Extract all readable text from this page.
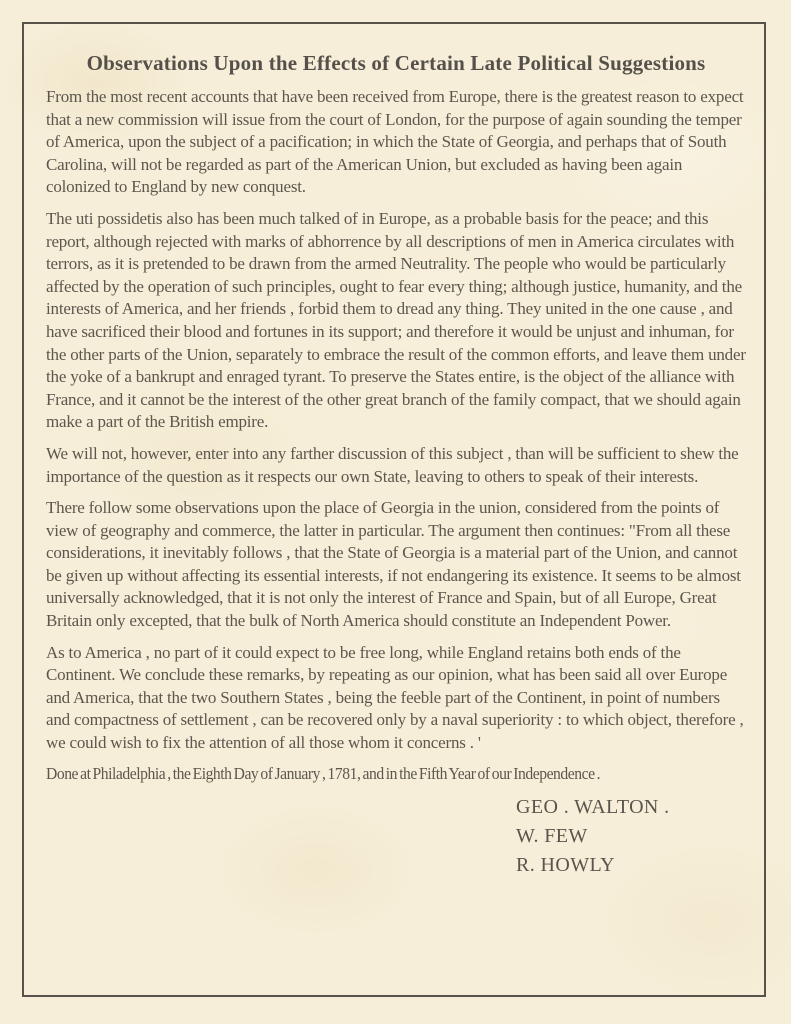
Observations Upon the Effects of Certain Late Political Suggestions

From the most recent accounts that have been received from Europe, there is the greatest reason to expect that a new commission will issue from the court of London, for the purpose of again sounding the temper of America, upon the subject of a pacification; in which the State of Georgia, and perhaps that of South Carolina, will not be regarded as part of the American Union, but excluded as having been again colonized to England by new conquest.

The uti possidetis also has been much talked of in Europe, as a probable basis for the peace; and this report, although rejected with marks of abhorrence by all descriptions of men in America circulates with terrors, as it is pretended to be drawn from the armed Neutrality. The people who would be particularly affected by the operation of such principles, ought to fear every thing; although justice, humanity, and the interests of America, and her friends , forbid them to dread any thing. They united in the one cause , and have sacrificed their blood and fortunes in its support; and therefore it would be unjust and inhuman, for the other parts of the Union, separately to embrace the result of the common efforts, and leave them under the yoke of a bankrupt and enraged tyrant. To preserve the States entire, is the object of the alliance with France, and it cannot be the interest of the other great branch of the family compact, that we should again make a part of the British empire.

We will not, however, enter into any farther discussion of this subject , than will be sufficient to shew the importance of the question as it respects our own State, leaving to others to speak of their interests.

There follow some observations upon the place of Georgia in the union, considered from the points of view of geography and commerce, the latter in particular. The argument then continues: "From all these considerations, it inevitably follows , that the State of Georgia is a material part of the Union, and cannot be given up without affecting its essential interests, if not endangering its existence. It seems to be almost universally acknowledged, that it is not only the interest of France and Spain, but of all Europe, Great Britain only excepted, that the bulk of North America should constitute an Independent Power.

As to America , no part of it could expect to be free long, while England retains both ends of the Continent. We conclude these remarks, by repeating as our opinion, what has been said all over Europe and America, that the two Southern States , being the feeble part of the Continent, in point of numbers and compactness of settlement , can be recovered only by a naval superiority : to which object, therefore , we could wish to fix the attention of all those whom it concerns . '

Done at Philadelphia , the Eighth Day of January , 1781, and in the Fifth Year of our Independence .
GEO . WALTON .
W. FEW
R. HOWLY
